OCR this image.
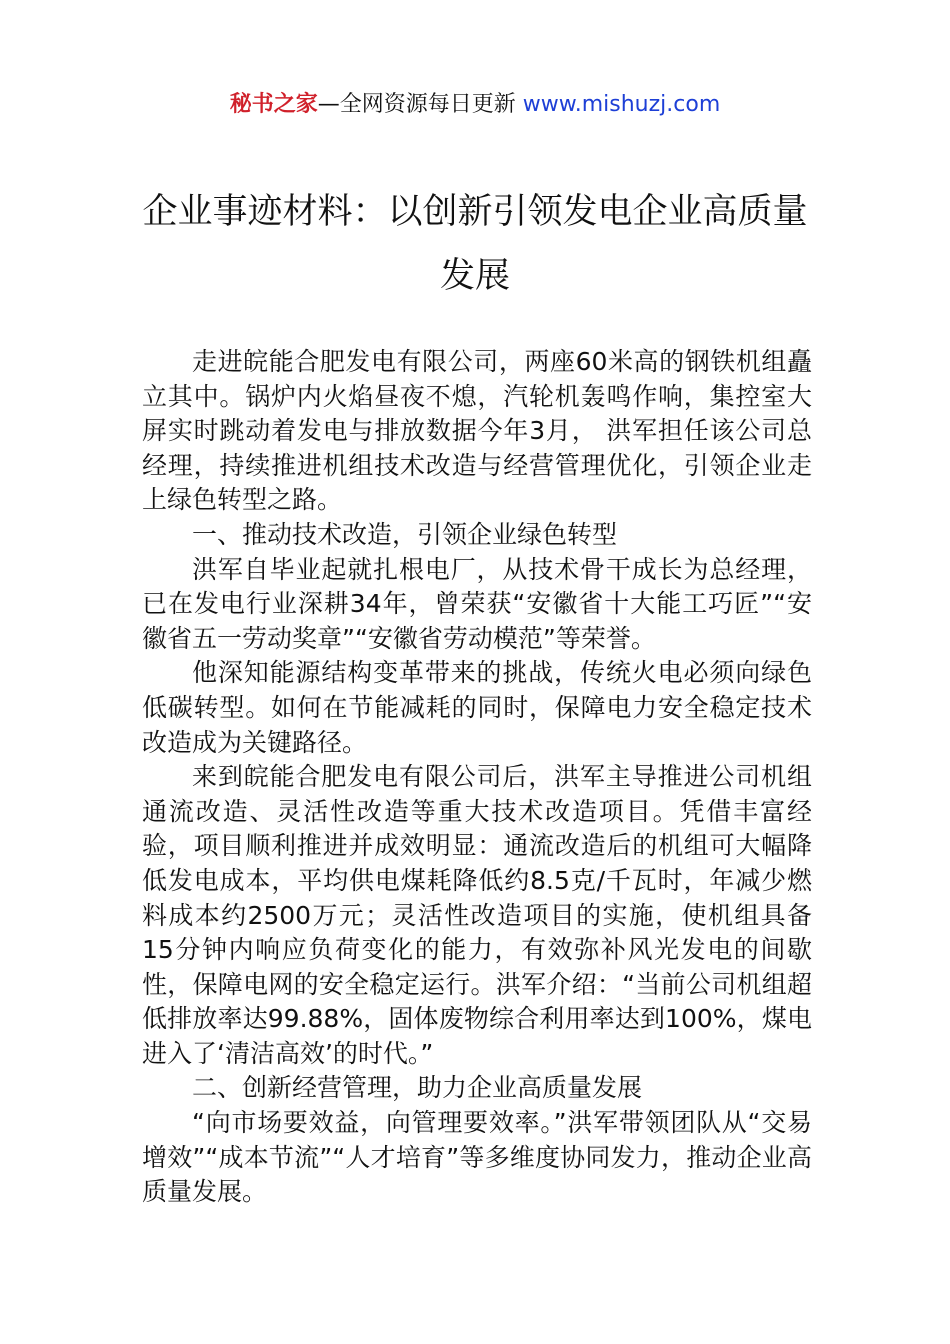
秘书之家—全网资源每日更新 www.mishuzj.com
企业事迹材料：以创新引领发电企业高质量发展

走进皖能合肥发电有限公司，两座60米高的钢铁机组矗立其中。锅炉内火焰昼夜不熄，汽轮机轰鸣作响，集控室大屏实时跳动着发电与排放数据今年3月， 洪军担任该公司总经理，持续推进机组技术改造与经营管理优化，引领企业走上绿色转型之路。

一、推动技术改造，引领企业绿色转型

洪军自毕业起就扎根电厂，从技术骨干成长为总经理，已在发电行业深耕34年，曾荣获“安徽省十大能工巧匠”“安徽省五一劳动奖章”“安徽省劳动模范”等荣誉。

他深知能源结构变革带来的挑战，传统火电必须向绿色低碳转型。如何在节能减耗的同时，保障电力安全稳定技术改造成为关键路径。

来到皖能合肥发电有限公司后，洪军主导推进公司机组通流改造、灵活性改造等重大技术改造项目。凭借丰富经验，项目顺利推进并成效明显：通流改造后的机组可大幅降低发电成本，平均供电煤耗降低约8.5克/千瓦时，年减少燃料成本约2500万元；灵活性改造项目的实施，使机组具备15分钟内响应负荷变化的能力，有效弥补风光发电的间歇性，保障电网的安全稳定运行。洪军介绍：“当前公司机组超低排放率达99.88%，固体废物综合利用率达到100%，煤电进入了‘清洁高效’的时代。”

二、创新经营管理，助力企业高质量发展

“向市场要效益，向管理要效率。”洪军带领团队从“交易增效”“成本节流”“人才培育”等多维度协同发力，推动企业高质量发展。
